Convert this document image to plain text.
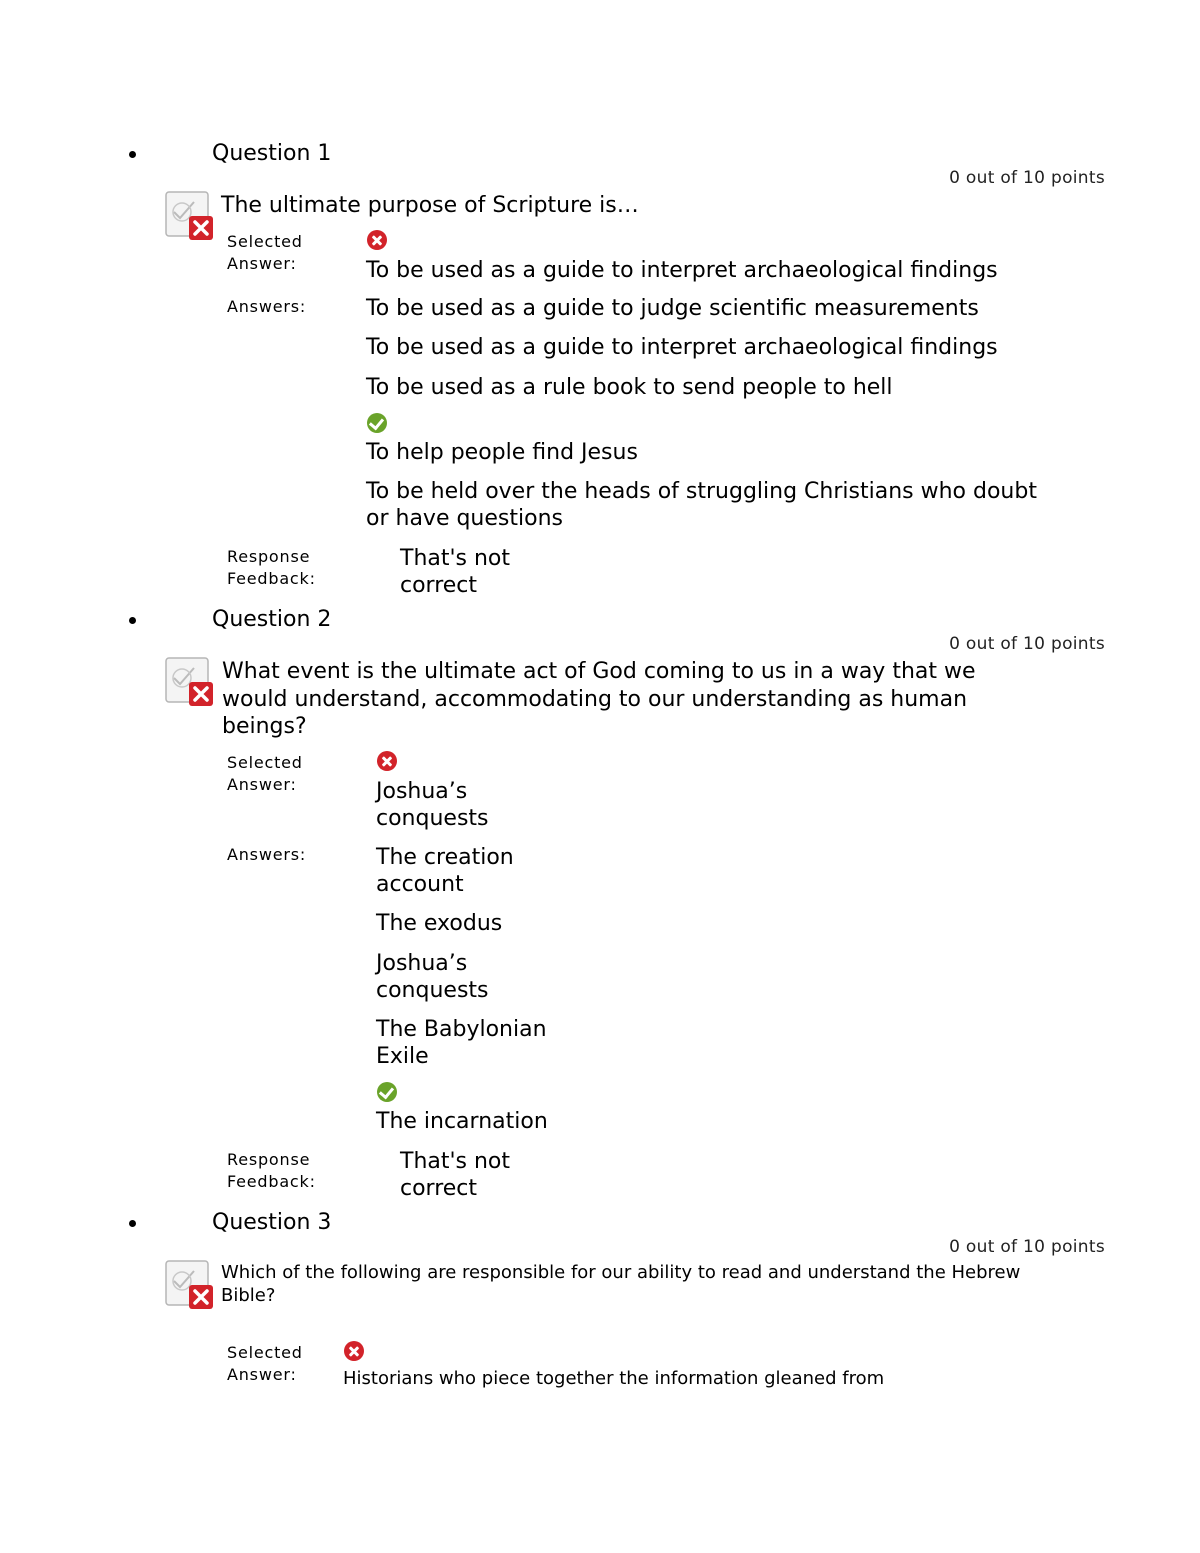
Question 1
0 out of 10 points
The ultimate purpose of Scripture is…
Selected Answer:	To be used as a guide to interpret archaeological findings
Answers:	To be used as a guide to judge scientific measurements
To be used as a guide to interpret archaeological findings
To be used as a rule book to send people to hell
To help people find Jesus
To be held over the heads of struggling Christians who doubt or have questions
Response Feedback:
That's not correct
Question 2
0 out of 10 points
What event is the ultimate act of God coming to us in a way that we would understand, accommodating to our understanding as human beings?
Selected Answer:	Joshua’s conquests
Answers:	The creation account
The exodus
Joshua’s conquests
The Babylonian Exile
The incarnation
Response Feedback:
That's not correct
Question 3
0 out of 10 points
Which of the following are responsible for our ability to read and understand the Hebrew Bible?
Selected Answer:	Historians who piece together the information gleaned from
